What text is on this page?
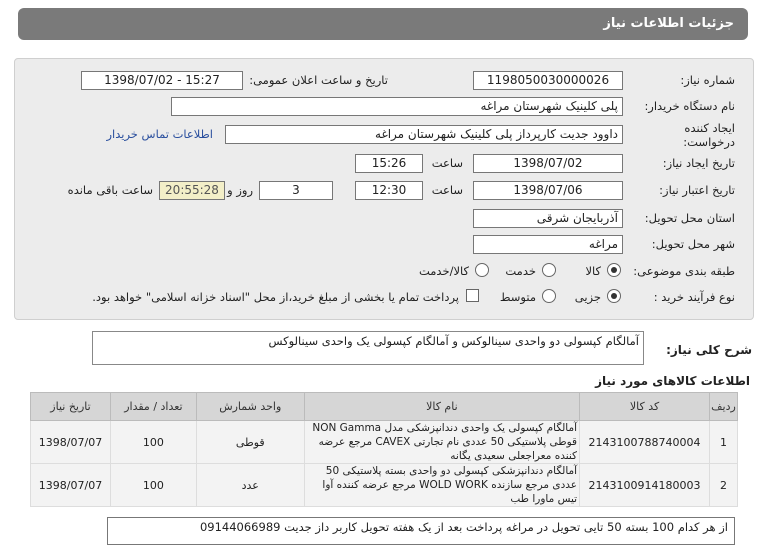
جزئیات اطلاعات نیاز
شماره نیاز:
1198050030000026
تاریخ و ساعت اعلان عمومی:
1398/07/02 - 15:27
نام دستگاه خریدار:
پلی کلینیک شهرستان مراغه
ایجاد کننده درخواست:
داوود جدیت کارپرداز پلی کلینیک شهرستان مراغه
اطلاعات تماس خریدار
تاریخ ایجاد نیاز:
1398/07/02
ساعت
15:26
تاریخ اعتبار نیاز:
1398/07/06
ساعت
12:30
3
روز و
20:55:28
ساعت باقی مانده
استان محل تحویل:
آذربایجان شرقی
شهر محل تحویل:
مراغه
طبقه بندی موضوعی:
کالا
خدمت
کالا/خدمت
نوع فرآیند خرید :
جزیی
متوسط
پرداخت تمام یا بخشی از مبلغ خرید،از محل "اسناد خزانه اسلامی" خواهد بود.
شرح کلی نیاز:
آمالگام کپسولی دو واحدی سینالوکس و آمالگام کپسولی یک واحدی سینالوکس
اطلاعات کالاهای مورد نیاز
ردیف	کد کالا	نام کالا	واحد شمارش	تعداد / مقدار	تاریخ نیاز
1	2143100788740004	آمالگام کپسولی یک واحدی دندانپزشکی مدل NON Gamma قوطی پلاستیکی 50 عددی نام تجارتی CAVEX مرجع عرضه کننده معراجعلی سعیدی یگانه	قوطی	100	1398/07/07
2	2143100914180003	آمالگام دندانپزشکی کپسولی دو واحدی بسته پلاستیکی 50 عددی مرجع سازنده WOLD WORK مرجع عرضه کننده آوا تیس ماورا طب	عدد	100	1398/07/07
از هر کدام 100 بسته 50 تایی تحویل در مراغه پرداخت بعد از یک هفته تحویل کاربر داز جدیت 09144066989
